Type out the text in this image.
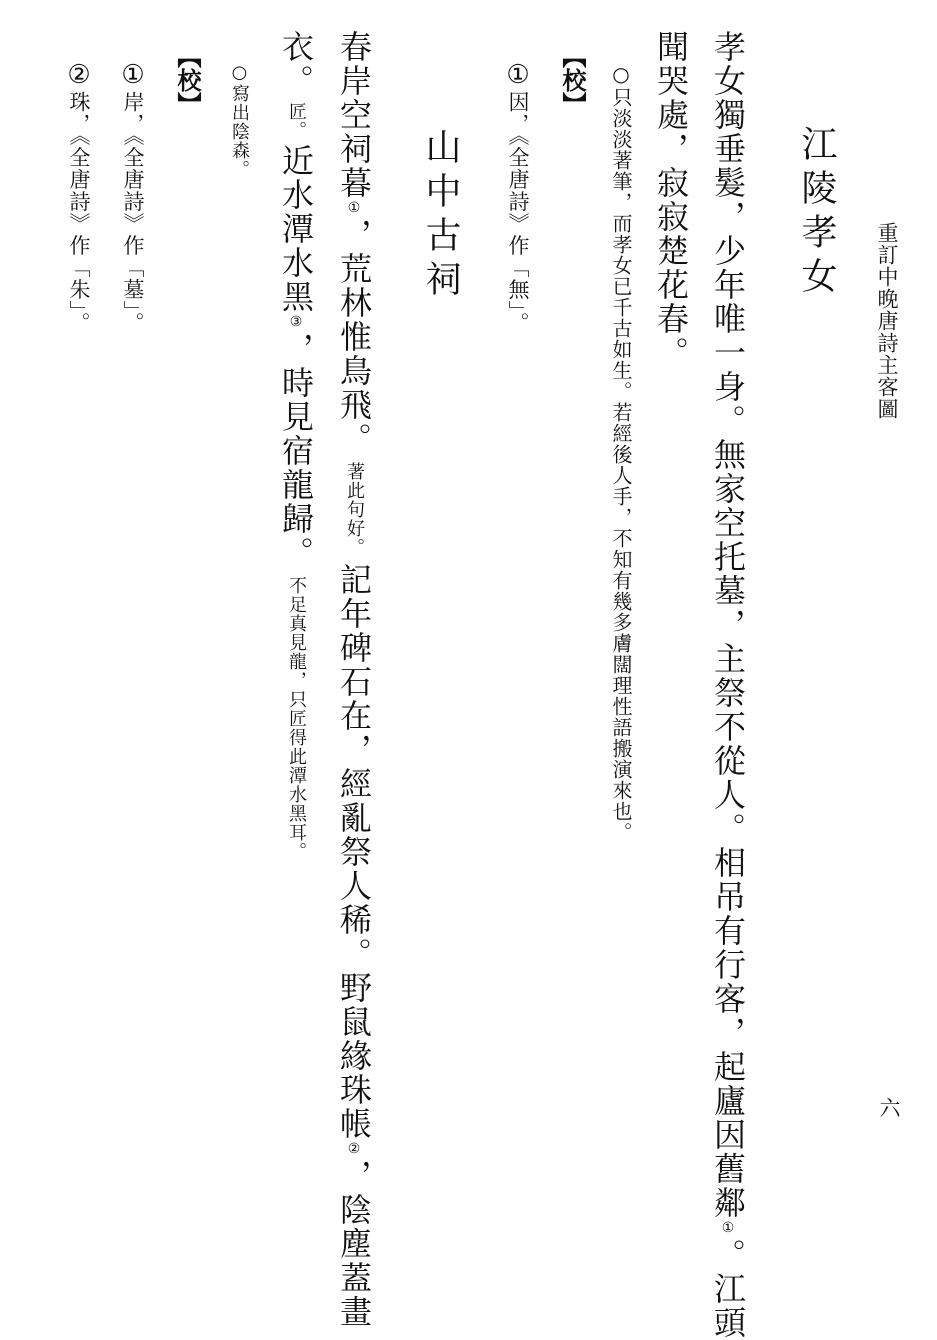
重訂中晚唐詩主客圖
六
江陵孝女
孝女獨垂髮，少年唯一身。無家空托墓，主祭不從人。相吊有行客，起廬因舊鄰①。江頭
聞哭處，寂寂楚花春。
○只淡淡著筆，而孝女已千古如生。若經後人手，不知有幾多膚闊理性語搬演來也。
【校】
①因，《全唐詩》作「無」。
山中古祠
春岸空祠暮①，荒林惟鳥飛。著此句好。記年碑石在，經亂祭人稀。野鼠緣珠帳②，陰塵蓋畫
衣。匠。近水潭水黑③，時見宿龍歸。不足真見龍，只匠得此潭水黑耳。
○寫出陰森。
【校】
①岸，《全唐詩》作「墓」。
②珠，《全唐詩》作「朱」。
